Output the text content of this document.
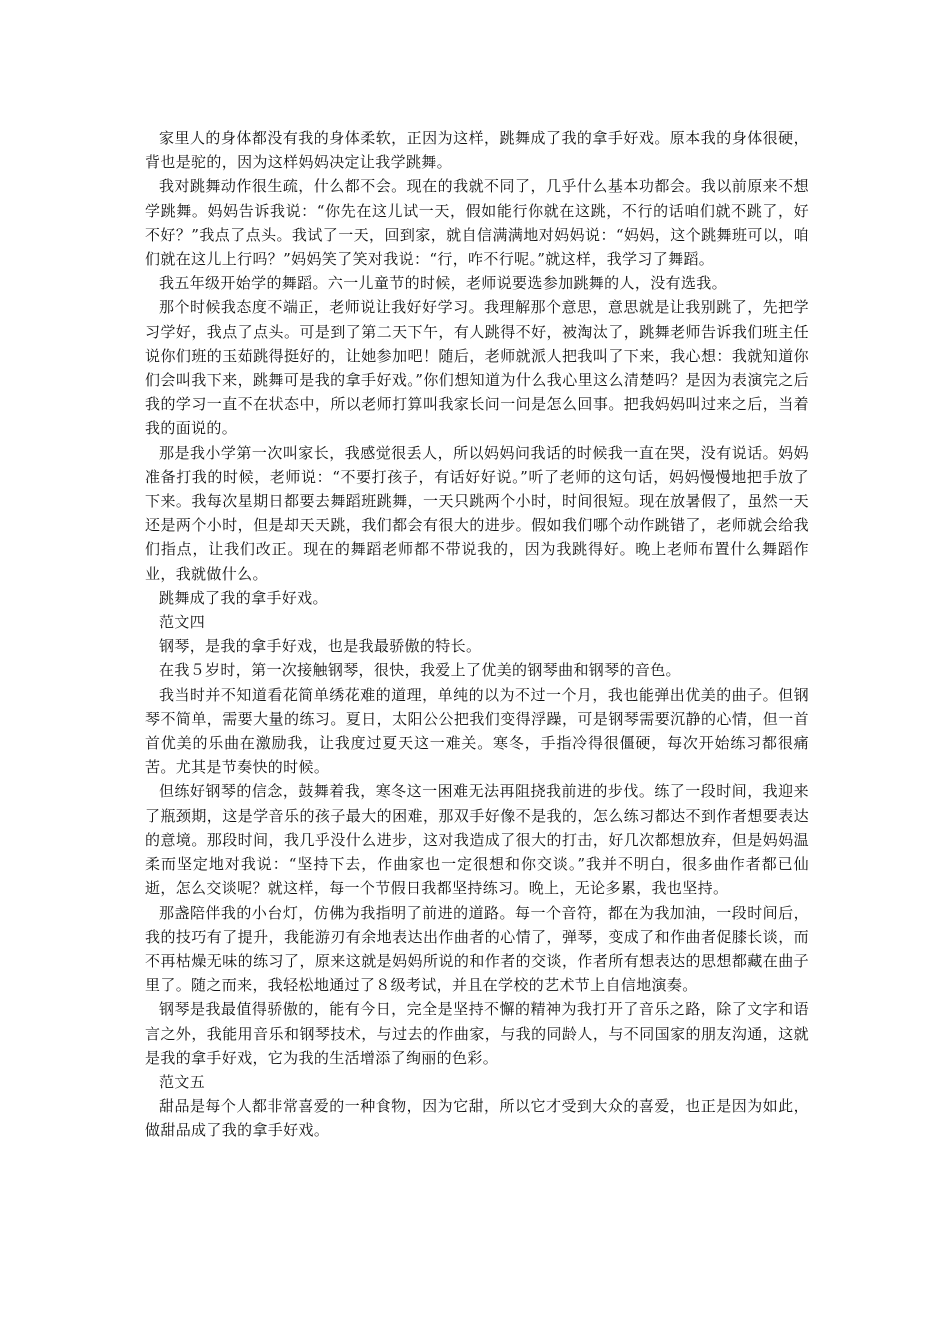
家里人的身体都没有我的身体柔软，正因为这样，跳舞成了我的拿手好戏。原本我的身体很硬，背也是驼的，因为这样妈妈决定让我学跳舞。

我对跳舞动作很生疏，什么都不会。现在的我就不同了，几乎什么基本功都会。我以前原来不想学跳舞。妈妈告诉我说：“你先在这儿试一天，假如能行你就在这跳，不行的话咱们就不跳了，好不好？”我点了点头。我试了一天，回到家，就自信满满地对妈妈说：“妈妈，这个跳舞班可以，咱们就在这儿上行吗？”妈妈笑了笑对我说：“行，咋不行呢。”就这样，我学习了舞蹈。

我五年级开始学的舞蹈。六一儿童节的时候，老师说要选参加跳舞的人，没有选我。

那个时候我态度不端正，老师说让我好好学习。我理解那个意思，意思就是让我别跳了，先把学习学好，我点了点头。可是到了第二天下午，有人跳得不好，被淘汰了，跳舞老师告诉我们班主任说你们班的玉茹跳得挺好的，让她参加吧！随后，老师就派人把我叫了下来，我心想：我就知道你们会叫我下来，跳舞可是我的拿手好戏。”你们想知道为什么我心里这么清楚吗？是因为表演完之后我的学习一直不在状态中，所以老师打算叫我家长问一问是怎么回事。把我妈妈叫过来之后，当着我的面说的。

那是我小学第一次叫家长，我感觉很丢人，所以妈妈问我话的时候我一直在哭，没有说话。妈妈准备打我的时候，老师说：“不要打孩子，有话好好说。”听了老师的这句话，妈妈慢慢地把手放了下来。我每次星期日都要去舞蹈班跳舞，一天只跳两个小时，时间很短。现在放暑假了，虽然一天还是两个小时，但是却天天跳，我们都会有很大的进步。假如我们哪个动作跳错了，老师就会给我们指点，让我们改正。现在的舞蹈老师都不带说我的，因为我跳得好。晚上老师布置什么舞蹈作业，我就做什么。

跳舞成了我的拿手好戏。

范文四

钢琴，是我的拿手好戏，也是我最骄傲的特长。

在我５岁时，第一次接触钢琴，很快，我爱上了优美的钢琴曲和钢琴的音色。

我当时并不知道看花简单绣花难的道理，单纯的以为不过一个月，我也能弹出优美的曲子。但钢琴不简单，需要大量的练习。夏日，太阳公公把我们变得浮躁，可是钢琴需要沉静的心情，但一首首优美的乐曲在激励我，让我度过夏天这一难关。寒冬，手指冷得很僵硬，每次开始练习都很痛苦。尤其是节奏快的时候。

但练好钢琴的信念，鼓舞着我，寒冬这一困难无法再阻挠我前进的步伐。练了一段时间，我迎来了瓶颈期，这是学音乐的孩子最大的困难，那双手好像不是我的，怎么练习都达不到作者想要表达的意境。那段时间，我几乎没什么进步，这对我造成了很大的打击，好几次都想放弃，但是妈妈温柔而坚定地对我说：“坚持下去，作曲家也一定很想和你交谈。”我并不明白，很多曲作者都已仙逝，怎么交谈呢？就这样，每一个节假日我都坚持练习。晚上，无论多累，我也坚持。

那盏陪伴我的小台灯，仿佛为我指明了前进的道路。每一个音符，都在为我加油，一段时间后，我的技巧有了提升，我能游刃有余地表达出作曲者的心情了，弹琴，变成了和作曲者促膝长谈，而不再枯燥无味的练习了，原来这就是妈妈所说的和作者的交谈，作者所有想表达的思想都藏在曲子里了。随之而来，我轻松地通过了８级考试，并且在学校的艺术节上自信地演奏。

钢琴是我最值得骄傲的，能有今日，完全是坚持不懈的精神为我打开了音乐之路，除了文字和语言之外，我能用音乐和钢琴技术，与过去的作曲家，与我的同龄人，与不同国家的朋友沟通，这就是我的拿手好戏，它为我的生活增添了绚丽的色彩。

范文五

甜品是每个人都非常喜爱的一种食物，因为它甜，所以它才受到大众的喜爱，也正是因为如此，做甜品成了我的拿手好戏。
